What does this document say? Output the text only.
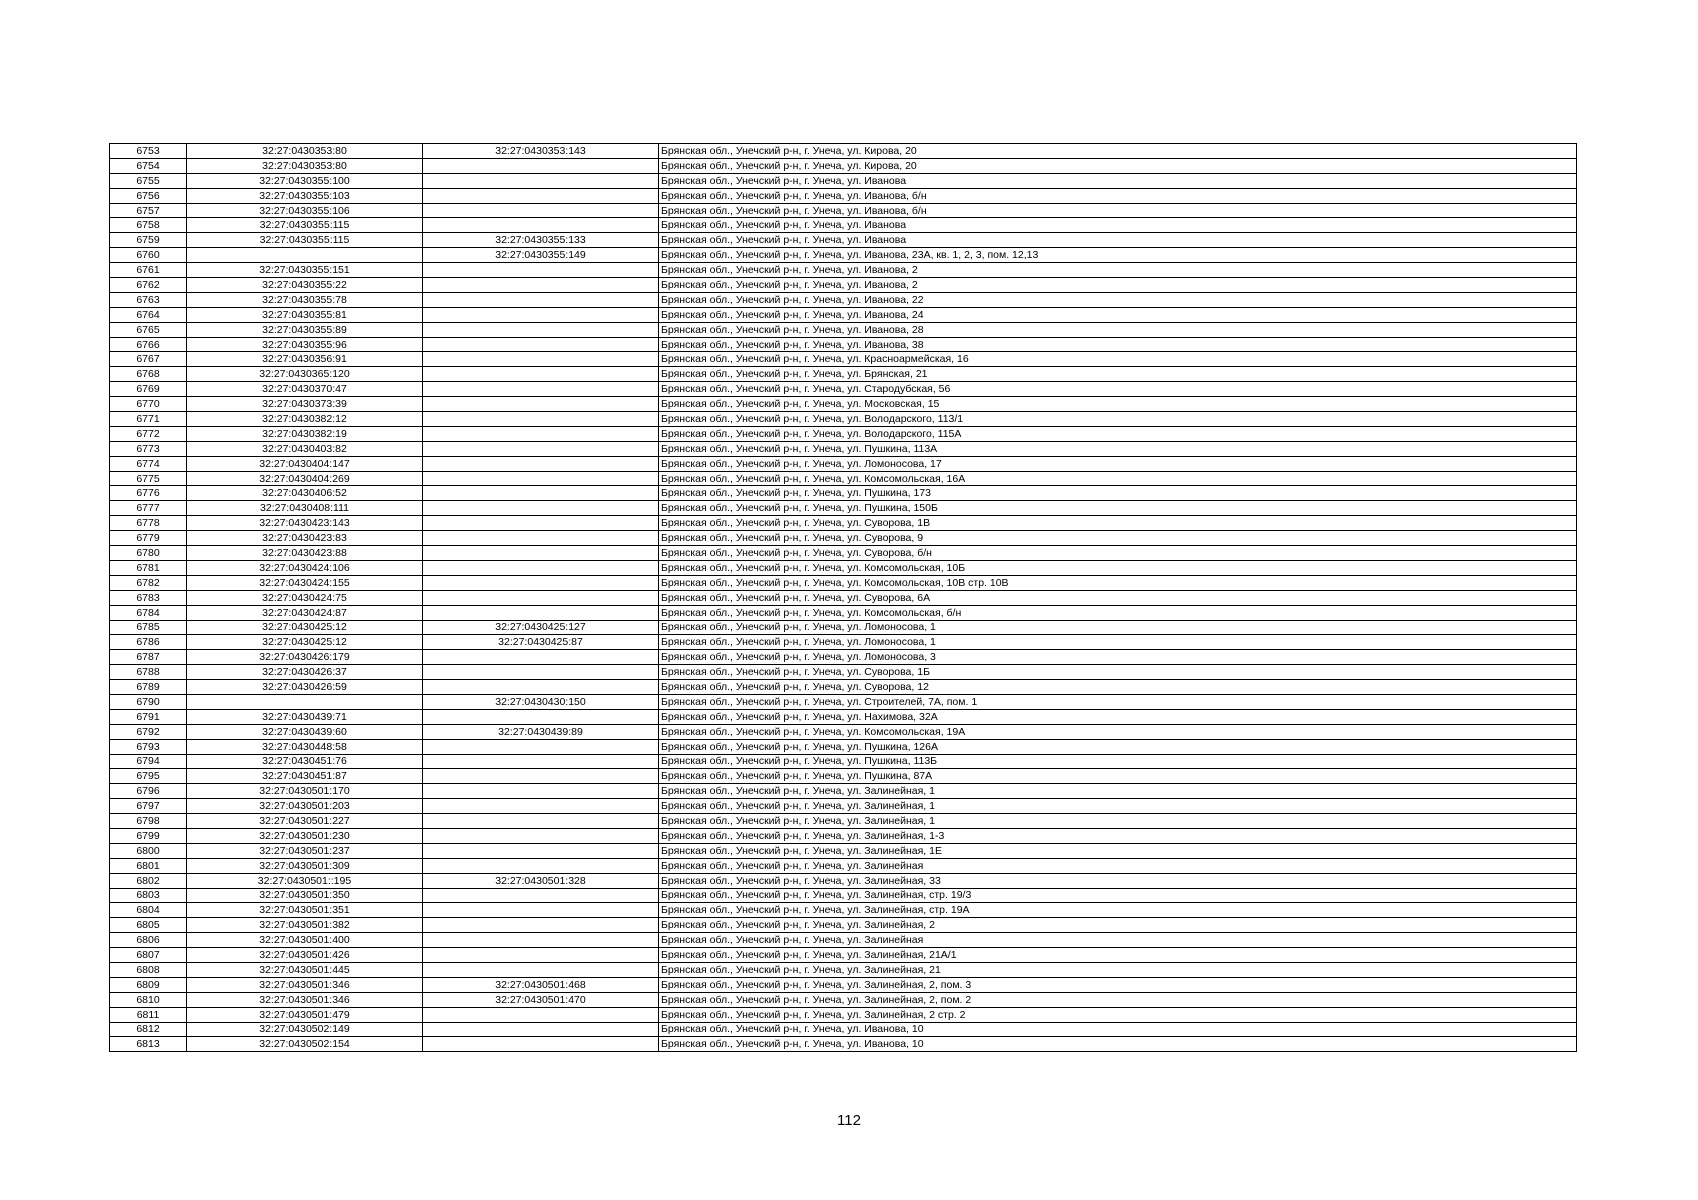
6753	32:27:0430353:80	32:27:0430353:143	Брянская обл., Унечский р-н, г. Унеча, ул. Кирова, 20
6754	32:27:0430353:80		Брянская обл., Унечский р-н, г. Унеча, ул. Кирова, 20
6755	32:27:0430355:100		Брянская обл., Унечский р-н, г. Унеча, ул. Иванова
6756	32:27:0430355:103		Брянская обл., Унечский р-н, г. Унеча, ул. Иванова, б/н
6757	32:27:0430355:106		Брянская обл., Унечский р-н, г. Унеча, ул. Иванова, б/н
6758	32:27:0430355:115		Брянская обл., Унечский р-н, г. Унеча, ул. Иванова
6759	32:27:0430355:115	32:27:0430355:133	Брянская обл., Унечский р-н, г. Унеча, ул. Иванова
6760		32:27:0430355:149	Брянская обл., Унечский р-н, г. Унеча, ул. Иванова, 23А, кв. 1, 2, 3, пом. 12,13
6761	32:27:0430355:151		Брянская обл., Унечский р-н, г. Унеча, ул. Иванова, 2
6762	32:27:0430355:22		Брянская обл., Унечский р-н, г. Унеча, ул. Иванова, 2
6763	32:27:0430355:78		Брянская обл., Унечский р-н, г. Унеча, ул. Иванова, 22
6764	32:27:0430355:81		Брянская обл., Унечский р-н, г. Унеча, ул. Иванова, 24
6765	32:27:0430355:89		Брянская обл., Унечский р-н, г. Унеча, ул. Иванова, 28
6766	32:27:0430355:96		Брянская обл., Унечский р-н, г. Унеча, ул. Иванова, 38
6767	32:27:0430356:91		Брянская обл., Унечский р-н, г. Унеча, ул. Красноармейская, 16
6768	32:27:0430365:120		Брянская обл., Унечский р-н, г. Унеча, ул. Брянская, 21
6769	32:27:0430370:47		Брянская обл., Унечский р-н, г. Унеча, ул. Стародубская, 56
6770	32:27:0430373:39		Брянская обл., Унечский р-н, г. Унеча, ул. Московская, 15
6771	32:27:0430382:12		Брянская обл., Унечский р-н, г. Унеча, ул. Володарского, 113/1
6772	32:27:0430382:19		Брянская обл., Унечский р-н, г. Унеча, ул. Володарского, 115А
6773	32:27:0430403:82		Брянская обл., Унечский р-н, г. Унеча, ул. Пушкина, 113А
6774	32:27:0430404:147		Брянская обл., Унечский р-н, г. Унеча, ул. Ломоносова, 17
6775	32:27:0430404:269		Брянская обл., Унечский р-н, г. Унеча, ул. Комсомольская, 16А
6776	32:27:0430406:52		Брянская обл., Унечский р-н, г. Унеча, ул. Пушкина, 173
6777	32:27:0430408:111		Брянская обл., Унечский р-н, г. Унеча, ул. Пушкина, 150Б
6778	32:27:0430423:143		Брянская обл., Унечский р-н, г. Унеча, ул. Суворова, 1В
6779	32:27:0430423:83		Брянская обл., Унечский р-н, г. Унеча, ул. Суворова, 9
6780	32:27:0430423:88		Брянская обл., Унечский р-н, г. Унеча, ул. Суворова, б/н
6781	32:27:0430424:106		Брянская обл., Унечский р-н, г. Унеча, ул. Комсомольская, 10Б
6782	32:27:0430424:155		Брянская обл., Унечский р-н, г. Унеча, ул. Комсомольская, 10В стр. 10В
6783	32:27:0430424:75		Брянская обл., Унечский р-н, г. Унеча, ул. Суворова, 6А
6784	32:27:0430424:87		Брянская обл., Унечский р-н, г. Унеча, ул. Комсомольская, б/н
6785	32:27:0430425:12	32:27:0430425:127	Брянская обл., Унечский р-н, г. Унеча, ул. Ломоносова, 1
6786	32:27:0430425:12	32:27:0430425:87	Брянская обл., Унечский р-н, г. Унеча, ул. Ломоносова, 1
6787	32:27:0430426:179		Брянская обл., Унечский р-н, г. Унеча, ул. Ломоносова, 3
6788	32:27:0430426:37		Брянская обл., Унечский р-н, г. Унеча, ул. Суворова, 1Б
6789	32:27:0430426:59		Брянская обл., Унечский р-н, г. Унеча, ул. Суворова, 12
6790		32:27:0430430:150	Брянская обл., Унечский р-н, г. Унеча, ул. Строителей, 7А, пом. 1
6791	32:27:0430439:71		Брянская обл., Унечский р-н, г. Унеча, ул. Нахимова, 32А
6792	32:27:0430439:60	32:27:0430439:89	Брянская обл., Унечский р-н, г. Унеча, ул. Комсомольская, 19А
6793	32:27:0430448:58		Брянская обл., Унечский р-н, г. Унеча, ул. Пушкина, 126А
6794	32:27:0430451:76		Брянская обл., Унечский р-н, г. Унеча, ул. Пушкина, 113Б
6795	32:27:0430451:87		Брянская обл., Унечский р-н, г. Унеча, ул. Пушкина, 87А
6796	32:27:0430501:170		Брянская обл., Унечский р-н, г. Унеча, ул. Залинейная, 1
6797	32:27:0430501:203		Брянская обл., Унечский р-н, г. Унеча, ул. Залинейная, 1
6798	32:27:0430501:227		Брянская обл., Унечский р-н, г. Унеча, ул. Залинейная, 1
6799	32:27:0430501:230		Брянская обл., Унечский р-н, г. Унеча, ул. Залинейная, 1-3
6800	32:27:0430501:237		Брянская обл., Унечский р-н, г. Унеча, ул. Залинейная, 1Е
6801	32:27:0430501:309		Брянская обл., Унечский р-н, г. Унеча, ул. Залинейная
6802	32:27:0430501::195	32:27:0430501:328	Брянская обл., Унечский р-н, г. Унеча, ул. Залинейная, 33
6803	32:27:0430501:350		Брянская обл., Унечский р-н, г. Унеча, ул. Залинейная, стр. 19/3
6804	32:27:0430501:351		Брянская обл., Унечский р-н, г. Унеча, ул. Залинейная, стр. 19А
6805	32:27:0430501:382		Брянская обл., Унечский р-н, г. Унеча, ул. Залинейная, 2
6806	32:27:0430501:400		Брянская обл., Унечский р-н, г. Унеча, ул. Залинейная
6807	32:27:0430501:426		Брянская обл., Унечский р-н, г. Унеча, ул. Залинейная, 21А/1
6808	32:27:0430501:445		Брянская обл., Унечский р-н, г. Унеча, ул. Залинейная, 21
6809	32:27:0430501:346	32:27:0430501:468	Брянская обл., Унечский р-н, г. Унеча, ул. Залинейная, 2, пом. 3
6810	32:27:0430501:346	32:27:0430501:470	Брянская обл., Унечский р-н, г. Унеча, ул. Залинейная, 2, пом. 2
6811	32:27:0430501:479		Брянская обл., Унечский р-н, г. Унеча, ул. Залинейная, 2 стр. 2
6812	32:27:0430502:149		Брянская обл., Унечский р-н, г. Унеча, ул. Иванова, 10
6813	32:27:0430502:154		Брянская обл., Унечский р-н, г. Унеча, ул. Иванова, 10
112
